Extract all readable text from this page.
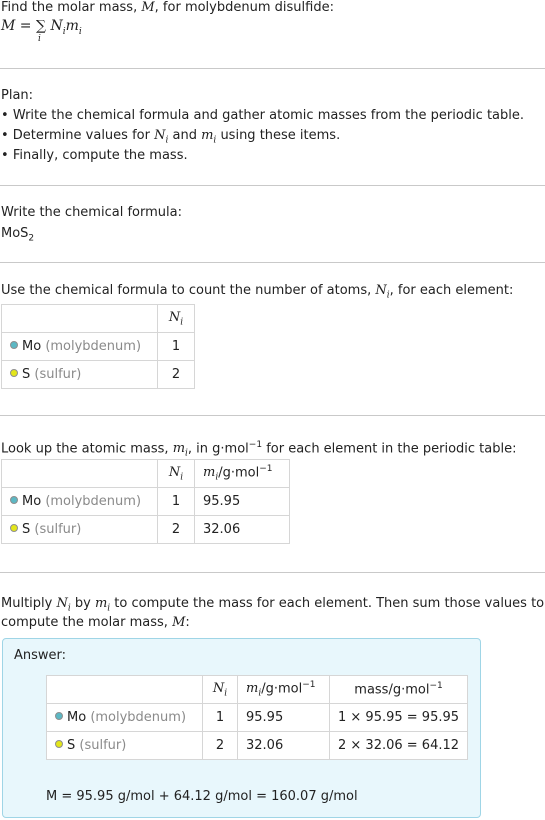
Find the molar mass, M, for molybdenum disulfide:
M = ∑
i
$N_im_i$
Plan:
• Write the chemical formula and gather atomic masses from the periodic table.
• Determine values for $N_i$ and $m_i$ using these items.
• Finally, compute the mass.
Write the chemical formula:
MoS$_2$
Use the chemical formula to count the number of atoms, $N_i$, for each element:
	$N_i$
Mo (molybdenum)	1
S (sulfur)	2
Look up the atomic mass, $m_i$, in g·mol$^{-1}$ for each element in the periodic table:
	$N_i$	$m_i/g\cdot mol^{-1}$
Mo (molybdenum)	1	95.95
S (sulfur)	2	32.06
Multiply $N_i$ by $m_i$ to compute the mass for each element. Then sum those values to
compute the molar mass, M:
Answer:
	$N_i$	$m_i/g\cdot mol^{-1}$	mass/g·mol$^{-1}$
Mo (molybdenum)	1	95.95	1 × 95.95 = 95.95
S (sulfur)	2	32.06	2 × 32.06 = 64.12
M = 95.95 g/mol + 64.12 g/mol = 160.07 g/mol
